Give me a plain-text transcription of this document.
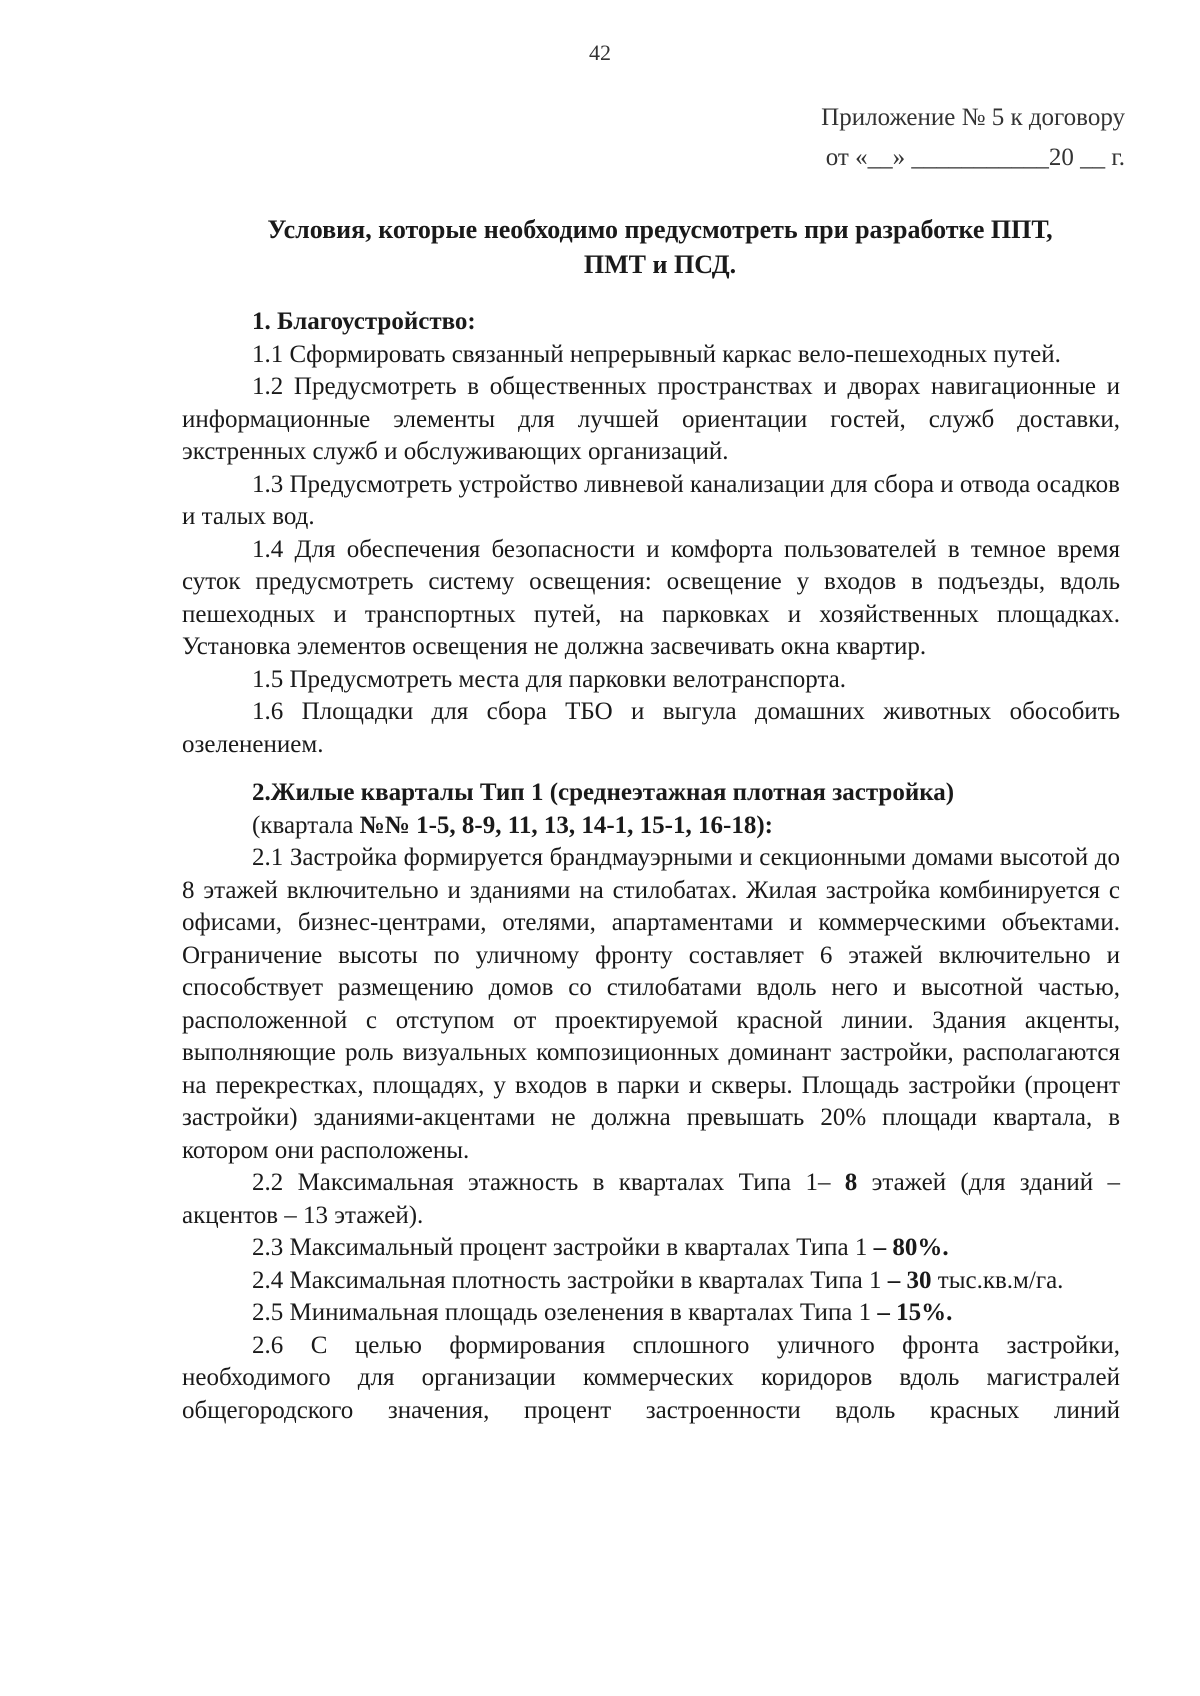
42
Приложение № 5 к договору
от «__» ___________20 __ г.
Условия, которые необходимо предусмотреть при разработке ППТ,
ПМТ и ПСД.

1. Благоустройство:

1.1 Сформировать связанный непрерывный каркас вело-пешеходных путей.

1.2 Предусмотреть в общественных пространствах и дворах навигационные и информационные элементы для лучшей ориентации гостей, служб доставки, экстренных служб и обслуживающих организаций.

1.3 Предусмотреть устройство ливневой канализации для сбора и отвода осадков и талых вод.

1.4 Для обеспечения безопасности и комфорта пользователей в темное время суток предусмотреть систему освещения: освещение у входов в подъезды, вдоль пешеходных и транспортных путей, на парковках и хозяйственных площадках. Установка элементов освещения не должна засвечивать окна квартир.

1.5 Предусмотреть места для парковки велотранспорта.

1.6 Площадки для сбора ТБО и выгула домашних животных обособить озеленением.

2.Жилые кварталы Тип 1 (среднеэтажная плотная застройка)

(квартала №№ 1-5, 8-9, 11, 13, 14-1, 15-1, 16-18):

2.1 Застройка формируется брандмауэрными и секционными домами высотой до 8 этажей включительно и зданиями на стилобатах. Жилая застройка комбинируется с офисами, бизнес-центрами, отелями, апартаментами и коммерческими объектами. Ограничение высоты по уличному фронту составляет 6 этажей включительно и способствует размещению домов со стилобатами вдоль него и высотной частью, расположенной с отступом от проектируемой красной линии. Здания акценты, выполняющие роль визуальных композиционных доминант застройки, располагаются на перекрестках, площадях, у входов в парки и скверы. Площадь застройки (процент застройки) зданиями-акцентами не должна превышать 20% площади квартала, в котором они расположены.

2.2 Максимальная этажность в кварталах Типа 1– 8 этажей (для зданий –акцентов – 13 этажей).

2.3 Максимальный процент застройки в кварталах Типа 1 – 80%.

2.4 Максимальная плотность застройки в кварталах Типа 1 – 30 тыс.кв.м/га.

2.5 Минимальная площадь озеленения в кварталах Типа 1 – 15%.

2.6 С целью формирования сплошного уличного фронта застройки, необходимого для организации коммерческих коридоров вдоль магистралей общегородского значения, процент застроенности вдоль красных линий
